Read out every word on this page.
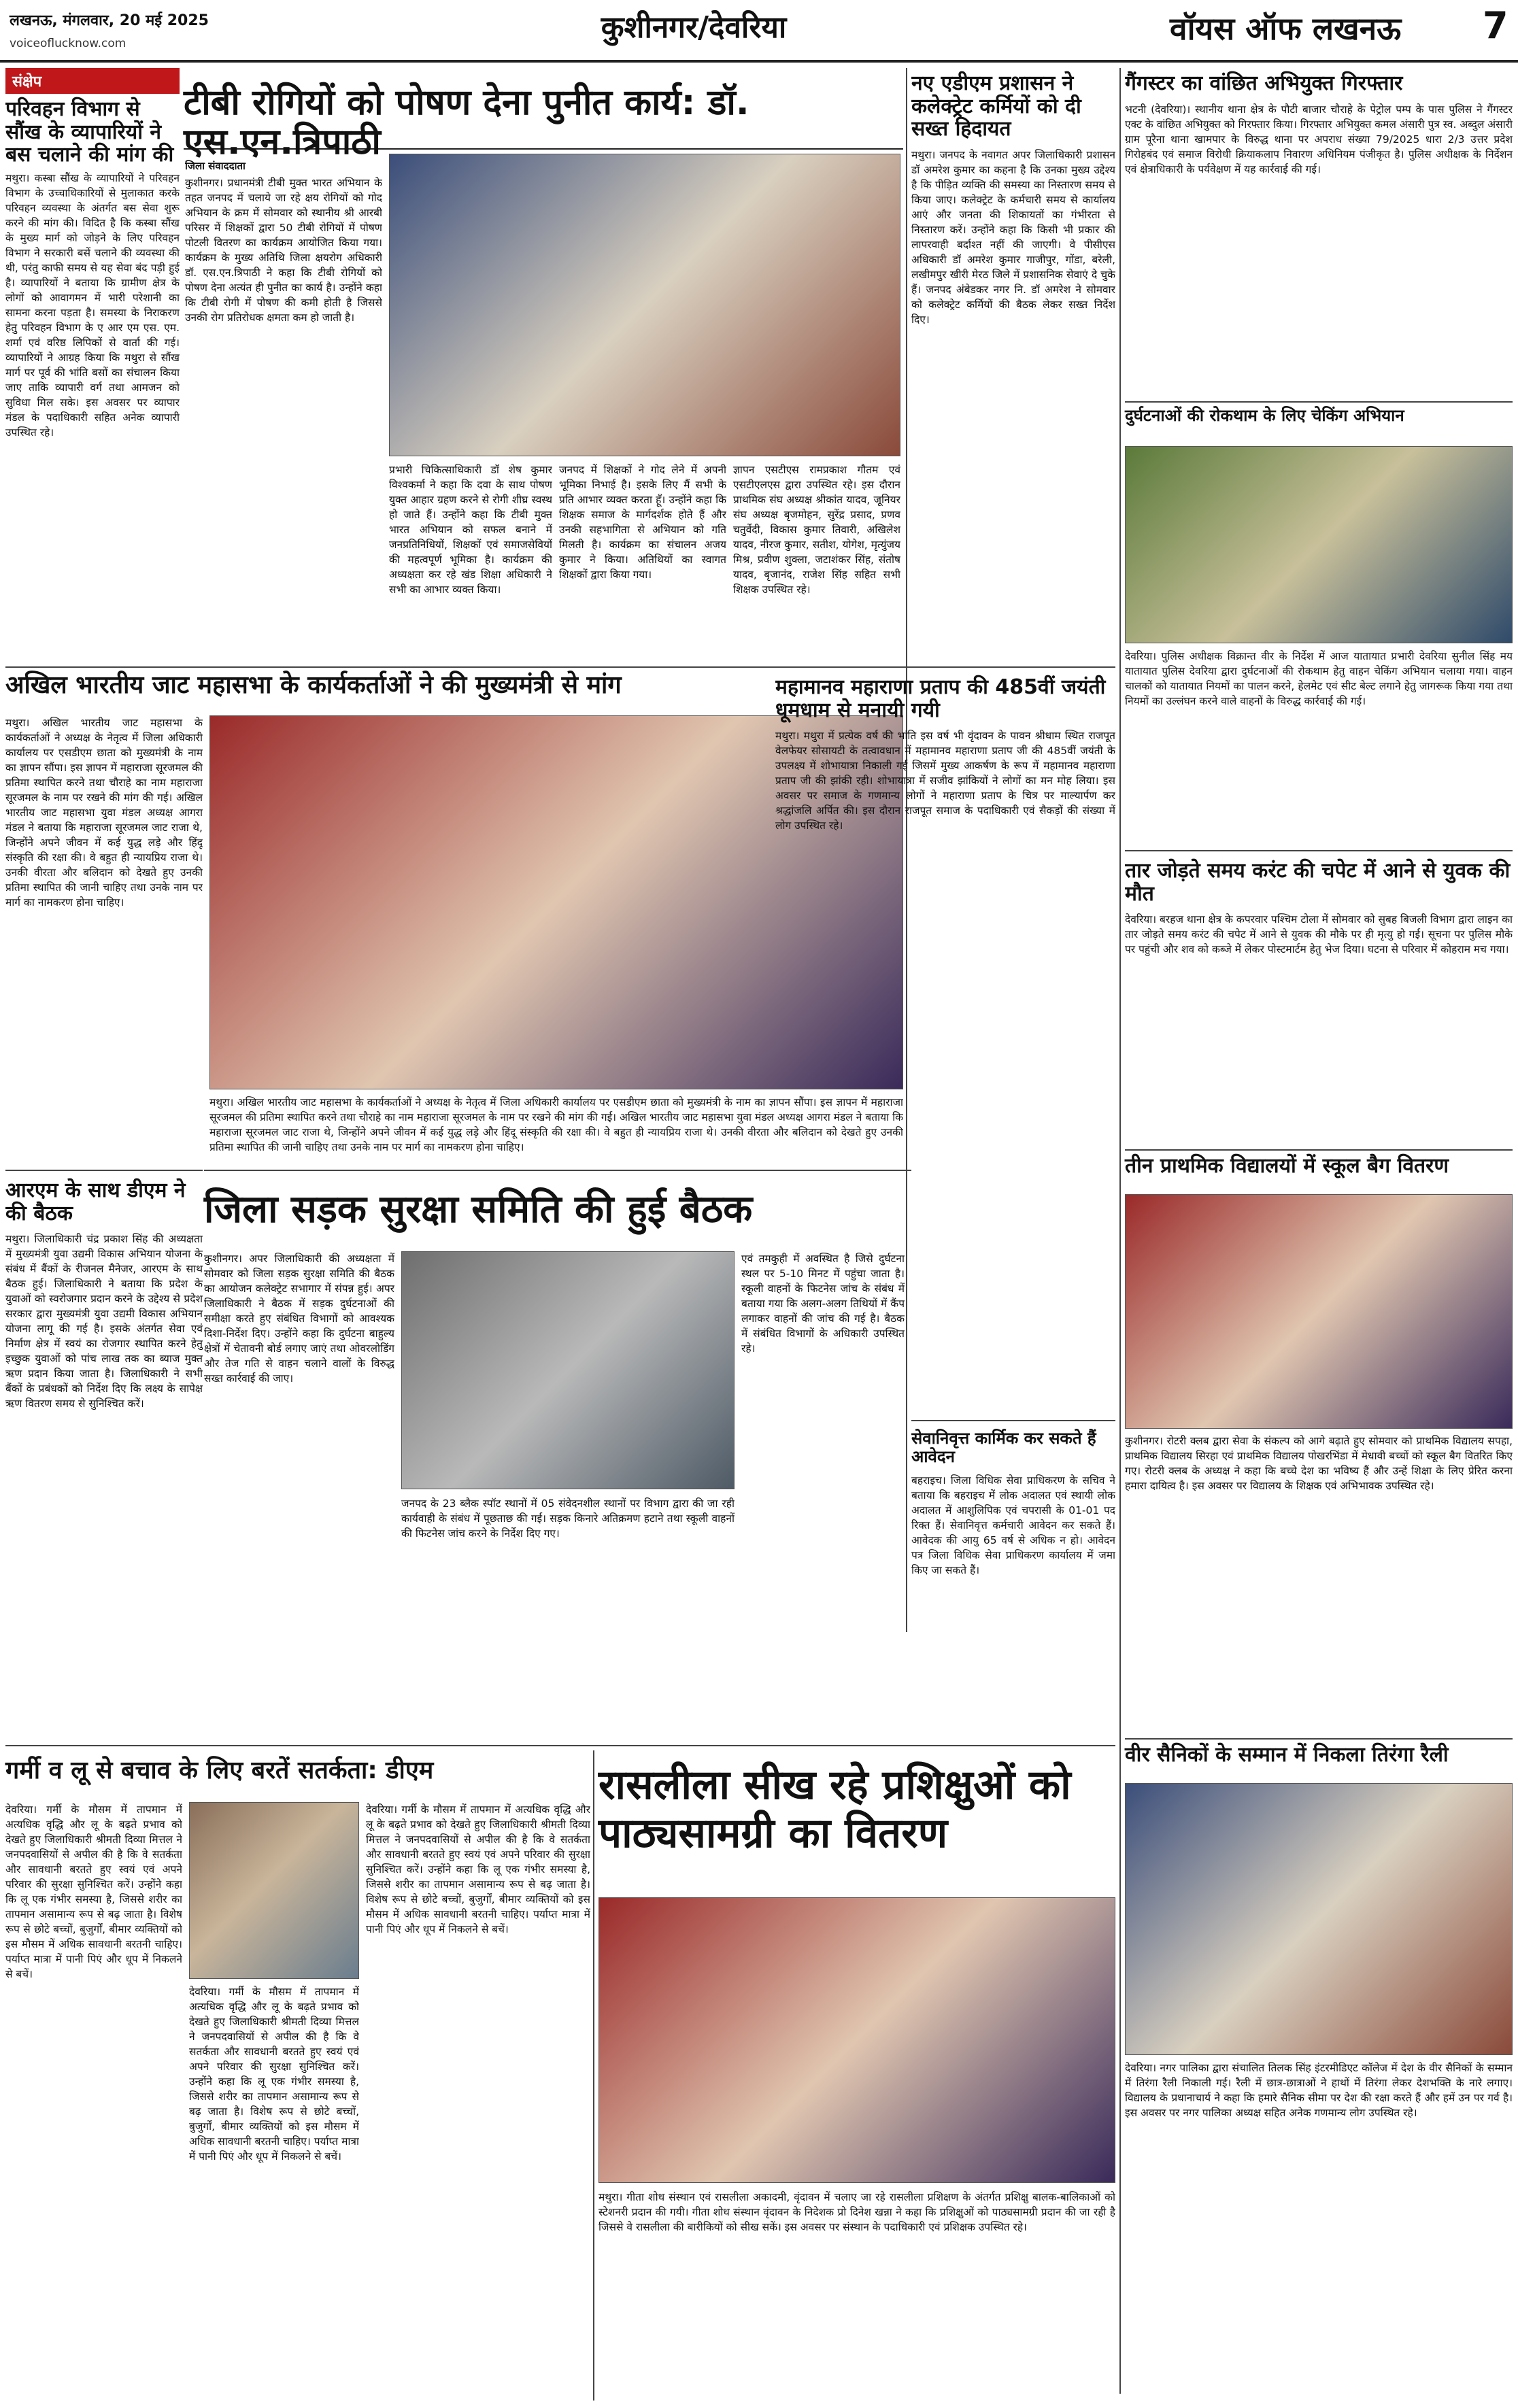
लखनऊ, मंगलवार, 20 मई 2025
voiceoflucknow.com	कुशीनगर/देवरिया	वॉयस ऑफ लखनऊ 7
संक्षेप
परिवहन विभाग से सौंख के व्यापारियों ने बस चलाने की मांग की

मथुरा। कस्बा सौंख के व्यापारियों ने परिवहन विभाग के उच्चाधिकारियों से मुलाकात करके परिवहन व्यवस्था के अंतर्गत बस सेवा शुरू करने की मांग की। विदित है कि कस्बा सौंख के मुख्य मार्ग को जोड़ने के लिए परिवहन विभाग ने सरकारी बसें चलाने की व्यवस्था की थी, परंतु काफी समय से यह सेवा बंद पड़ी हुई है। व्यापारियों ने बताया कि ग्रामीण क्षेत्र के लोगों को आवागमन में भारी परेशानी का सामना करना पड़ता है। समस्या के निराकरण हेतु परिवहन विभाग के ए आर एम एस. एम. शर्मा एवं वरिष्ठ लिपिकों से वार्ता की गई। व्यापारियों ने आग्रह किया कि मथुरा से सौंख मार्ग पर पूर्व की भांति बसों का संचालन किया जाए ताकि व्यापारी वर्ग तथा आमजन को सुविधा मिल सके। इस अवसर पर व्यापार मंडल के पदाधिकारी सहित अनेक व्यापारी उपस्थित रहे।

टीबी रोगियों को पोषण देना पुनीत कार्य: डॉ. एस.एन.त्रिपाठी
जिला संवाददाता

कुशीनगर। प्रधानमंत्री टीबी मुक्त भारत अभियान के तहत जनपद में चलाये जा रहे क्षय रोगियों को गोद अभियान के क्रम में सोमवार को स्थानीय श्री आरबी परिसर में शिक्षकों द्वारा 50 टीबी रोगियों में पोषण पोटली वितरण का कार्यक्रम आयोजित किया गया। कार्यक्रम के मुख्य अतिथि जिला क्षयरोग अधिकारी डॉ. एस.एन.त्रिपाठी ने कहा कि टीबी रोगियों को पोषण देना अत्यंत ही पुनीत का कार्य है। उन्होंने कहा कि टीबी रोगी में पोषण की कमी होती है जिससे उनकी रोग प्रतिरोधक क्षमता कम हो जाती है।

प्रभारी चिकित्साधिकारी डॉ शेष कुमार विश्वकर्मा ने कहा कि दवा के साथ पोषण युक्त आहार ग्रहण करने से रोगी शीघ्र स्वस्थ हो जाते हैं। उन्होंने कहा कि टीबी मुक्त भारत अभियान को सफल बनाने में जनप्रतिनिधियों, शिक्षकों एवं समाजसेवियों की महत्वपूर्ण भूमिका है। कार्यक्रम की अध्यक्षता कर रहे खंड शिक्षा अधिकारी ने सभी का आभार व्यक्त किया।

जनपद में शिक्षकों ने गोद लेने में अपनी भूमिका निभाई है। इसके लिए मैं सभी के प्रति आभार व्यक्त करता हूँ। उन्होंने कहा कि शिक्षक समाज के मार्गदर्शक होते हैं और उनकी सहभागिता से अभियान को गति मिलती है। कार्यक्रम का संचालन अजय कुमार ने किया। अतिथियों का स्वागत शिक्षकों द्वारा किया गया।

ज्ञापन एसटीएस रामप्रकाश गौतम एवं एसटीएलएस द्वारा उपस्थित रहे। इस दौरान प्राथमिक संघ अध्यक्ष श्रीकांत यादव, जूनियर संघ अध्यक्ष बृजमोहन, सुरेंद्र प्रसाद, प्रणव चतुर्वेदी, विकास कुमार तिवारी, अखिलेश यादव, नीरज कुमार, सतीश, योगेश, मृत्युंजय मिश्र, प्रवीण शुक्ला, जटाशंकर सिंह, संतोष यादव, बृजानंद, राजेश सिंह सहित सभी शिक्षक उपस्थित रहे।

नए एडीएम प्रशासन ने कलेक्ट्रेट कर्मियों को दी सख्त हिदायत

मथुरा। जनपद के नवागत अपर जिलाधिकारी प्रशासन डॉ अमरेश कुमार का कहना है कि उनका मुख्य उद्देश्य है कि पीड़ित व्यक्ति की समस्या का निस्तारण समय से किया जाए। कलेक्ट्रेट के कर्मचारी समय से कार्यालय आएं और जनता की शिकायतों का गंभीरता से निस्तारण करें। उन्होंने कहा कि किसी भी प्रकार की लापरवाही बर्दाश्त नहीं की जाएगी। वे पीसीएस अधिकारी डॉ अमरेश कुमार गाजीपुर, गोंडा, बरेली, लखीमपुर खीरी मेरठ जिले में प्रशासनिक सेवाएं दे चुके हैं। जनपद अंबेडकर नगर नि. डॉ अमरेश ने सोमवार को कलेक्ट्रेट कर्मियों की बैठक लेकर सख्त निर्देश दिए।

अखिल भारतीय जाट महासभा के कार्यकर्ताओं ने की मुख्यमंत्री से मांग

मथुरा। अखिल भारतीय जाट महासभा के कार्यकर्ताओं ने अध्यक्ष के नेतृत्व में जिला अधिकारी कार्यालय पर एसडीएम छाता को मुख्यमंत्री के नाम का ज्ञापन सौंपा। इस ज्ञापन में महाराजा सूरजमल की प्रतिमा स्थापित करने तथा चौराहे का नाम महाराजा सूरजमल के नाम पर रखने की मांग की गई। अखिल भारतीय जाट महासभा युवा मंडल अध्यक्ष आगरा मंडल ने बताया कि महाराजा सूरजमल जाट राजा थे, जिन्होंने अपने जीवन में कई युद्ध लड़े और हिंदू संस्कृति की रक्षा की। वे बहुत ही न्यायप्रिय राजा थे। उनकी वीरता और बलिदान को देखते हुए उनकी प्रतिमा स्थापित की जानी चाहिए तथा उनके नाम पर मार्ग का नामकरण होना चाहिए।

मथुरा। अखिल भारतीय जाट महासभा के कार्यकर्ताओं ने अध्यक्ष के नेतृत्व में जिला अधिकारी कार्यालय पर एसडीएम छाता को मुख्यमंत्री के नाम का ज्ञापन सौंपा। इस ज्ञापन में महाराजा सूरजमल की प्रतिमा स्थापित करने तथा चौराहे का नाम महाराजा सूरजमल के नाम पर रखने की मांग की गई। अखिल भारतीय जाट महासभा युवा मंडल अध्यक्ष आगरा मंडल ने बताया कि महाराजा सूरजमल जाट राजा थे, जिन्होंने अपने जीवन में कई युद्ध लड़े और हिंदू संस्कृति की रक्षा की। वे बहुत ही न्यायप्रिय राजा थे। उनकी वीरता और बलिदान को देखते हुए उनकी प्रतिमा स्थापित की जानी चाहिए तथा उनके नाम पर मार्ग का नामकरण होना चाहिए।

महामानव महाराणा प्रताप की 485वीं जयंती धूमधाम से मनायी गयी

मथुरा। मथुरा में प्रत्येक वर्ष की भांति इस वर्ष भी वृंदावन के पावन श्रीधाम स्थित राजपूत वेलफेयर सोसायटी के तत्वावधान में महामानव महाराणा प्रताप जी की 485वीं जयंती के उपलक्ष्य में शोभायात्रा निकाली गई जिसमें मुख्य आकर्षण के रूप में महामानव महाराणा प्रताप जी की झांकी रही। शोभायात्रा में सजीव झांकियों ने लोगों का मन मोह लिया। इस अवसर पर समाज के गणमान्य लोगों ने महाराणा प्रताप के चित्र पर माल्यार्पण कर श्रद्धांजलि अर्पित की। इस दौरान राजपूत समाज के पदाधिकारी एवं सैकड़ों की संख्या में लोग उपस्थित रहे।

आरएम के साथ डीएम ने की बैठक

मथुरा। जिलाधिकारी चंद्र प्रकाश सिंह की अध्यक्षता में मुख्यमंत्री युवा उद्यमी विकास अभियान योजना के संबंध में बैंकों के रीजनल मैनेजर, आरएम के साथ बैठक हुई। जिलाधिकारी ने बताया कि प्रदेश के युवाओं को स्वरोजगार प्रदान करने के उद्देश्य से प्रदेश सरकार द्वारा मुख्यमंत्री युवा उद्यमी विकास अभियान योजना लागू की गई है। इसके अंतर्गत सेवा एवं निर्माण क्षेत्र में स्वयं का रोजगार स्थापित करने हेतु इच्छुक युवाओं को पांच लाख तक का ब्याज मुक्त ऋण प्रदान किया जाता है। जिलाधिकारी ने सभी बैंकों के प्रबंधकों को निर्देश दिए कि लक्ष्य के सापेक्ष ऋण वितरण समय से सुनिश्चित करें।

जिला सड़क सुरक्षा समिति की हुई बैठक

कुशीनगर। अपर जिलाधिकारी की अध्यक्षता में सोमवार को जिला सड़क सुरक्षा समिति की बैठक का आयोजन कलेक्ट्रेट सभागार में संपन्न हुई। अपर जिलाधिकारी ने बैठक में सड़क दुर्घटनाओं की समीक्षा करते हुए संबंधित विभागों को आवश्यक दिशा-निर्देश दिए। उन्होंने कहा कि दुर्घटना बाहुल्य क्षेत्रों में चेतावनी बोर्ड लगाए जाएं तथा ओवरलोडिंग और तेज गति से वाहन चलाने वालों के विरुद्ध सख्त कार्रवाई की जाए।

जनपद के 23 ब्लैक स्पॉट स्थानों में 05 संवेदनशील स्थानों पर विभाग द्वारा की जा रही कार्यवाही के संबंध में पूछताछ की गई। सड़क किनारे अतिक्रमण हटाने तथा स्कूली वाहनों की फिटनेस जांच करने के निर्देश दिए गए।

एवं तमकुही में अवस्थित है जिसे दुर्घटना स्थल पर 5-10 मिनट में पहुंचा जाता है। स्कूली वाहनों के फिटनेस जांच के संबंध में बताया गया कि अलग-अलग तिथियों में कैंप लगाकर वाहनों की जांच की गई है। बैठक में संबंधित विभागों के अधिकारी उपस्थित रहे।

सेवानिवृत्त कार्मिक कर सकते हैं आवेदन

बहराइच। जिला विधिक सेवा प्राधिकरण के सचिव ने बताया कि बहराइच में लोक अदालत एवं स्थायी लोक अदालत में आशुलिपिक एवं चपरासी के 01-01 पद रिक्त हैं। सेवानिवृत्त कर्मचारी आवेदन कर सकते हैं। आवेदक की आयु 65 वर्ष से अधिक न हो। आवेदन पत्र जिला विधिक सेवा प्राधिकरण कार्यालय में जमा किए जा सकते हैं।

गैंगस्टर का वांछित अभियुक्त गिरफ्तार

भटनी (देवरिया)। स्थानीय थाना क्षेत्र के पौटी बाजार चौराहे के पेट्रोल पम्प के पास पुलिस ने गैंगस्टर एक्ट के वांछित अभियुक्त को गिरफ्तार किया। गिरफ्तार अभियुक्त कमल अंसारी पुत्र स्व. अब्दुल अंसारी ग्राम पूरैना थाना खामपार के विरुद्ध थाना पर अपराध संख्या 79/2025 धारा 2/3 उत्तर प्रदेश गिरोहबंद एवं समाज विरोधी क्रियाकलाप निवारण अधिनियम पंजीकृत है। पुलिस अधीक्षक के निर्देशन एवं क्षेत्राधिकारी के पर्यवेक्षण में यह कार्रवाई की गई।

दुर्घटनाओं की रोकथाम के लिए चेकिंग अभियान

देवरिया। पुलिस अधीक्षक विक्रान्त वीर के निर्देश में आज यातायात प्रभारी देवरिया सुनील सिंह मय यातायात पुलिस देवरिया द्वारा दुर्घटनाओं की रोकथाम हेतु वाहन चेकिंग अभियान चलाया गया। वाहन चालकों को यातायात नियमों का पालन करने, हेलमेट एवं सीट बेल्ट लगाने हेतु जागरूक किया गया तथा नियमों का उल्लंघन करने वाले वाहनों के विरुद्ध कार्रवाई की गई।

तार जोड़ते समय करंट की चपेट में आने से युवक की मौत

देवरिया। बरहज थाना क्षेत्र के कपरवार पश्चिम टोला में सोमवार को सुबह बिजली विभाग द्वारा लाइन का तार जोड़ते समय करंट की चपेट में आने से युवक की मौके पर ही मृत्यु हो गई। सूचना पर पुलिस मौके पर पहुंची और शव को कब्जे में लेकर पोस्टमार्टम हेतु भेज दिया। घटना से परिवार में कोहराम मच गया।

तीन प्राथमिक विद्यालयों में स्कूल बैग वितरण

कुशीनगर। रोटरी क्लब द्वारा सेवा के संकल्प को आगे बढ़ाते हुए सोमवार को प्राथमिक विद्यालय सपहा, प्राथमिक विद्यालय सिरहा एवं प्राथमिक विद्यालय पोखरभिंडा में मेधावी बच्चों को स्कूल बैग वितरित किए गए। रोटरी क्लब के अध्यक्ष ने कहा कि बच्चे देश का भविष्य हैं और उन्हें शिक्षा के लिए प्रेरित करना हमारा दायित्व है। इस अवसर पर विद्यालय के शिक्षक एवं अभिभावक उपस्थित रहे।

वीर सैनिकों के सम्मान में निकला तिरंगा रैली

देवरिया। नगर पालिका द्वारा संचालित तिलक सिंह इंटरमीडिएट कॉलेज में देश के वीर सैनिकों के सम्मान में तिरंगा रैली निकाली गई। रैली में छात्र-छात्राओं ने हाथों में तिरंगा लेकर देशभक्ति के नारे लगाए। विद्यालय के प्रधानाचार्य ने कहा कि हमारे सैनिक सीमा पर देश की रक्षा करते हैं और हमें उन पर गर्व है। इस अवसर पर नगर पालिका अध्यक्ष सहित अनेक गणमान्य लोग उपस्थित रहे।

गर्मी व लू से बचाव के लिए बरतें सतर्कता: डीएम

देवरिया। गर्मी के मौसम में तापमान में अत्यधिक वृद्धि और लू के बढ़ते प्रभाव को देखते हुए जिलाधिकारी श्रीमती दिव्या मित्तल ने जनपदवासियों से अपील की है कि वे सतर्कता और सावधानी बरतते हुए स्वयं एवं अपने परिवार की सुरक्षा सुनिश्चित करें। उन्होंने कहा कि लू एक गंभीर समस्या है, जिससे शरीर का तापमान असामान्य रूप से बढ़ जाता है। विशेष रूप से छोटे बच्चों, बुजुर्गों, बीमार व्यक्तियों को इस मौसम में अधिक सावधानी बरतनी चाहिए। पर्याप्त मात्रा में पानी पिएं और धूप में निकलने से बचें।

देवरिया। गर्मी के मौसम में तापमान में अत्यधिक वृद्धि और लू के बढ़ते प्रभाव को देखते हुए जिलाधिकारी श्रीमती दिव्या मित्तल ने जनपदवासियों से अपील की है कि वे सतर्कता और सावधानी बरतते हुए स्वयं एवं अपने परिवार की सुरक्षा सुनिश्चित करें। उन्होंने कहा कि लू एक गंभीर समस्या है, जिससे शरीर का तापमान असामान्य रूप से बढ़ जाता है। विशेष रूप से छोटे बच्चों, बुजुर्गों, बीमार व्यक्तियों को इस मौसम में अधिक सावधानी बरतनी चाहिए। पर्याप्त मात्रा में पानी पिएं और धूप में निकलने से बचें।

देवरिया। गर्मी के मौसम में तापमान में अत्यधिक वृद्धि और लू के बढ़ते प्रभाव को देखते हुए जिलाधिकारी श्रीमती दिव्या मित्तल ने जनपदवासियों से अपील की है कि वे सतर्कता और सावधानी बरतते हुए स्वयं एवं अपने परिवार की सुरक्षा सुनिश्चित करें। उन्होंने कहा कि लू एक गंभीर समस्या है, जिससे शरीर का तापमान असामान्य रूप से बढ़ जाता है। विशेष रूप से छोटे बच्चों, बुजुर्गों, बीमार व्यक्तियों को इस मौसम में अधिक सावधानी बरतनी चाहिए। पर्याप्त मात्रा में पानी पिएं और धूप में निकलने से बचें।

रासलीला सीख रहे प्रशिक्षुओं को पाठ्यसामग्री का वितरण

मथुरा। गीता शोध संस्थान एवं रासलीला अकादमी, वृंदावन में चलाए जा रहे रासलीला प्रशिक्षण के अंतर्गत प्रशिक्षु बालक-बालिकाओं को स्टेशनरी प्रदान की गयी। गीता शोध संस्थान वृंदावन के निदेशक प्रो दिनेश खन्ना ने कहा कि प्रशिक्षुओं को पाठ्यसामग्री प्रदान की जा रही है जिससे वे रासलीला की बारीकियों को सीख सकें। इस अवसर पर संस्थान के पदाधिकारी एवं प्रशिक्षक उपस्थित रहे।
